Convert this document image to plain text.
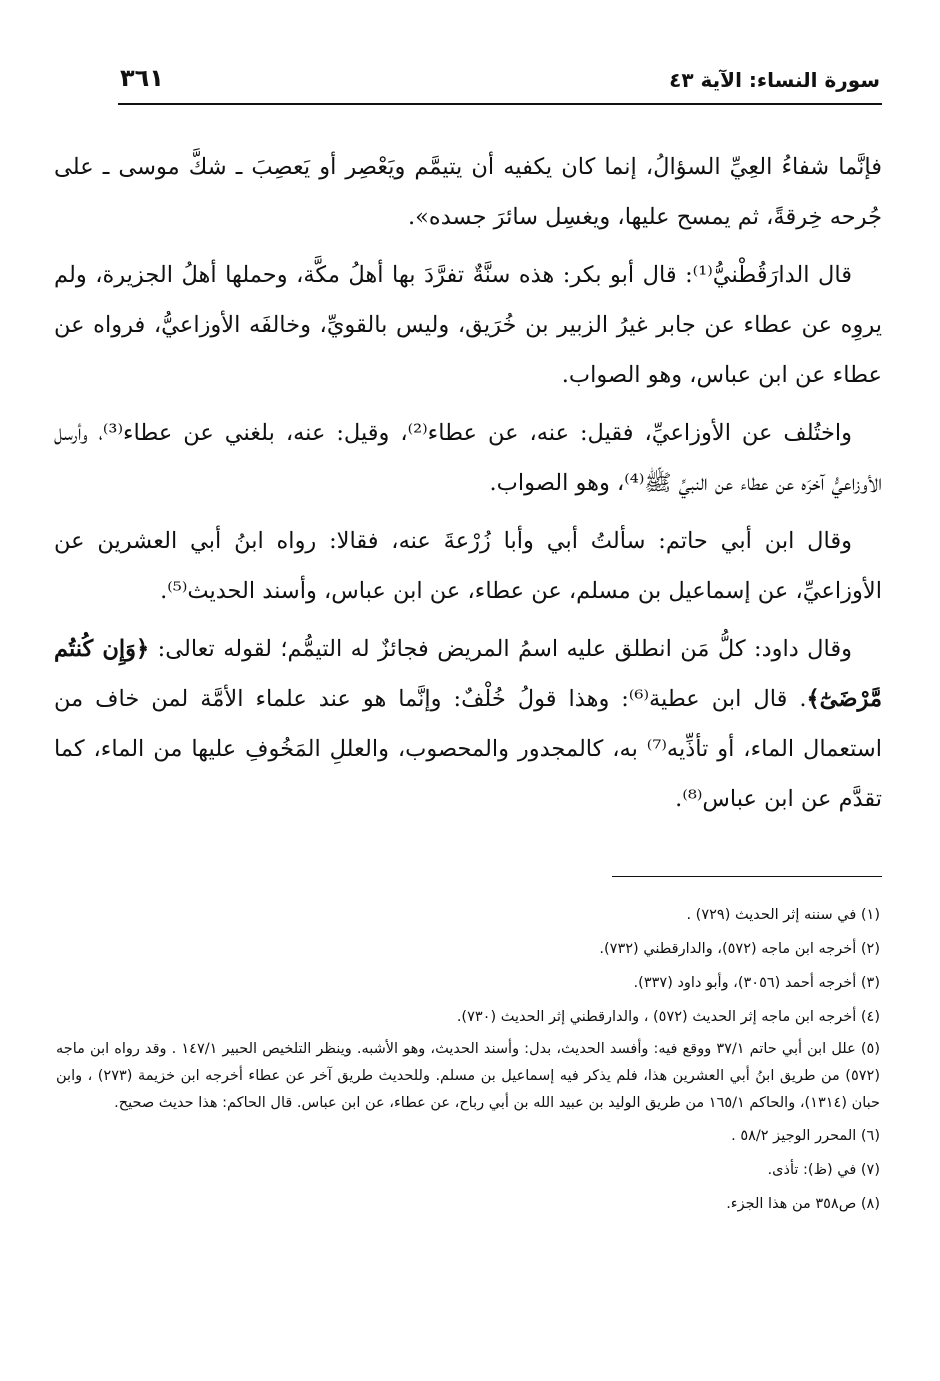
سورة النساء: الآية ٤٣
٣٦١

فإنَّما شفاءُ العِيِّ السؤالُ، إنما كان يكفيه أن يتيمَّم ويَعْصِر أو يَعصِبَ ـ شكَّ موسى ـ على جُرحه خِرقةً، ثم يمسح عليها، ويغسِل سائرَ جسده».

قال الدارَقُطْنيُّ⁽¹⁾: قال أبو بكر: هذه سنَّةٌ تفرَّدَ بها أهلُ مكَّة، وحملها أهلُ الجزيرة، ولم يروِه عن عطاء عن جابر غيرُ الزبير بن خُرَيق، وليس بالقويِّ، وخالفَه الأوزاعيُّ، فرواه عن عطاء عن ابن عباس، وهو الصواب.

واختُلف عن الأوزاعيِّ، فقيل: عنه، عن عطاء⁽²⁾، وقيل: عنه، بلغني عن عطاء⁽³⁾، وأرسل الأوزاعيُّ آخرَه عن عطاء عن النبيِّ ﷺ⁽⁴⁾، وهو الصواب.

وقال ابن أبي حاتم: سألتُ أبي وأبا زُرْعةَ عنه، فقالا: رواه ابنُ أبي العشرين عن الأوزاعيِّ، عن إسماعيل بن مسلم، عن عطاء، عن ابن عباس، وأسند الحديث⁽⁵⁾.

وقال داود: كلُّ مَن انطلق عليه اسمُ المريض فجائزٌ له التيمُّم؛ لقوله تعالى: ﴿وَإِن كُنتُم مَّرْضَىٰٓ﴾. قال ابن عطية⁽⁶⁾: وهذا قولُ خُلْفٌ: وإنَّما هو عند علماء الأمَّة لمن خاف من استعمال الماء، أو تأذِّيه⁽⁷⁾ به، كالمجدور والمحصوب، والعللِ المَخُوفِ عليها من الماء، كما تقدَّم عن ابن عباس⁽⁸⁾.

(١) في سننه إثر الحديث (٧٢٩) .
(٢) أخرجه ابن ماجه (٥٧٢)، والدارقطني (٧٣٢).
(٣) أخرجه أحمد (٣٠٥٦)، وأبو داود (٣٣٧).
(٤) أخرجه ابن ماجه إثر الحديث (٥٧٢) ، والدارقطني إثر الحديث (٧٣٠).
(٥) علل ابن أبي حاتم ٣٧/١ ووقع فيه: وأفسد الحديث، بدل: وأسند الحديث، وهو الأشبه. وينظر التلخيص الحبير ١٤٧/١ . وقد رواه ابن ماجه (٥٧٢) من طريق ابنُ أبي العشرين هذا، فلم يذكر فيه إسماعيل بن مسلم. وللحديث طريق آخر عن عطاء أخرجه ابن خزيمة (٢٧٣) ، وابن حبان (١٣١٤)، والحاكم ١٦٥/١ من طريق الوليد بن عبيد الله بن أبي رباح، عن عطاء، عن ابن عباس. قال الحاكم: هذا حديث صحيح.
(٦) المحرر الوجيز ٥٨/٢ .
(٧) في (ظ): تأذى.
(٨) ص٣٥٨ من هذا الجزء.
